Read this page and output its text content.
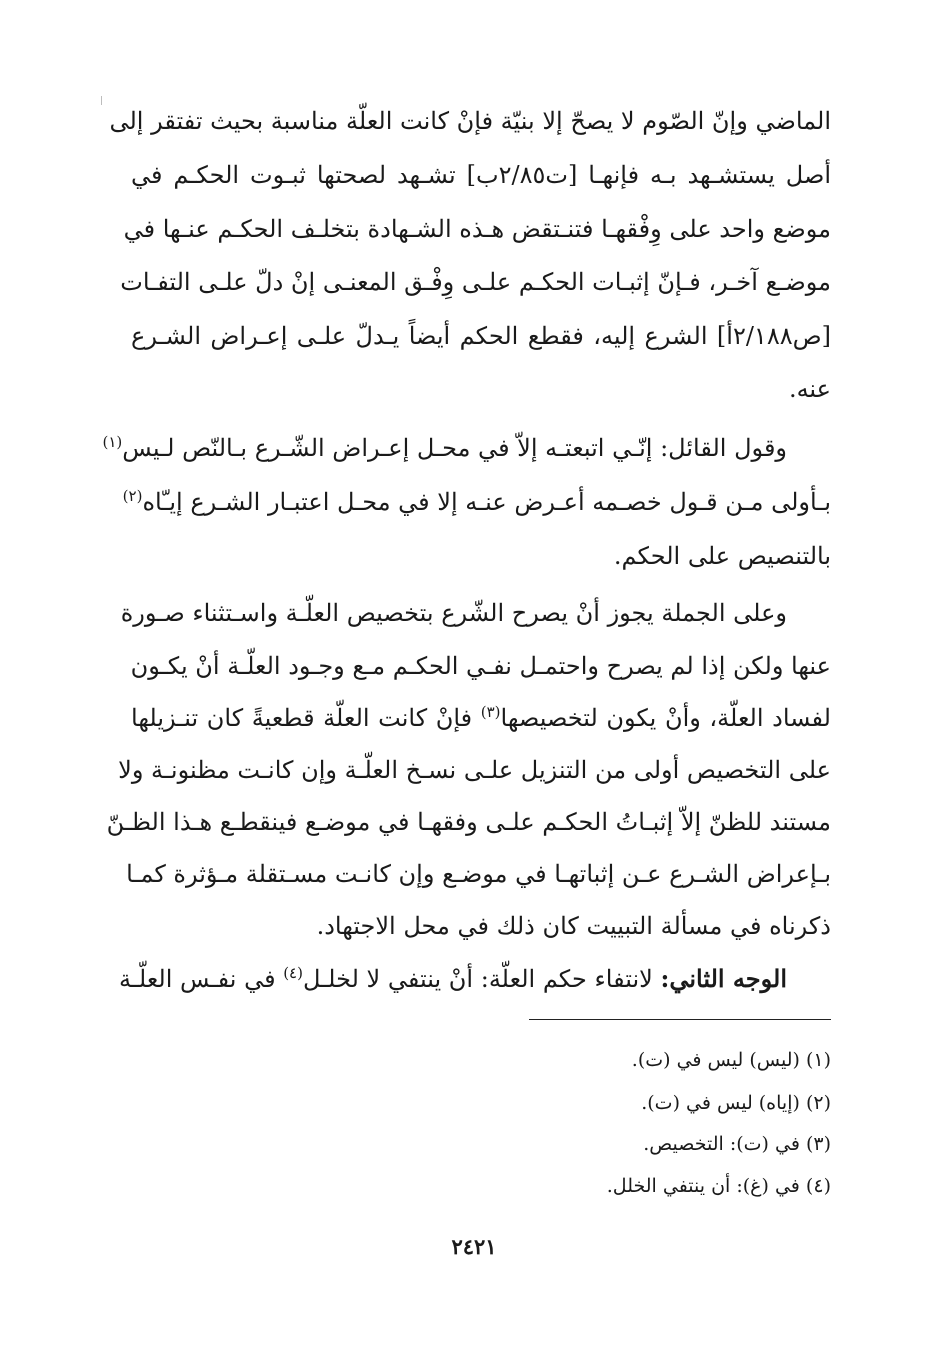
الماضي وإنّ الصّوم لا يصحّ إلا بنيّة فإنْ كانت العلّة مناسبة بحيث تفتقر إلى
أصل يستشـهد بـه فإنهـا [ت٢/٨٥ب] تشـهد لصحتها ثبـوت الحكـم في
موضع واحد على وِفْقهـا فتنـتقض هـذه الشـهادة بتخلـف الحكـم عنـها في
موضـع آخـر، فـإنّ إثبـات الحكـم علـى وِفْـق المعنـى إنْ دلّ علـى التفـات
[ص٢/١٨٨أ] الشرع إليه، فقطع الحكم أيضاً يـدلّ علـى إعـراض الشـرع
عنه.
وقول القائل: إنّـي اتبعتـه إلاّ في محـل إعـراض الشّـرع بـالنّص لـيس$^{(١)}$
بـأولى مـن قـول خصـمه أعـرض عنـه إلا في محـل اعتبـار الشـرع إيـّاه$^{(٢)}$
بالتنصيص على الحكم.
وعلى الجملة يجوز أنْ يصرح الشّرع بتخصيص العلّـة واسـتثناء صـورة
عنها ولكن إذا لم يصرح واحتمـل نفـي الحكـم مـع وجـود العلّـة أنْ يكـون
لفساد العلّة، وأنْ يكون لتخصيصها$^{(٣)}$ فإنْ كانت العلّة قطعيةً كان تنـزيلها
على التخصيص أولى من التنزيل علـى نسـخ العلّـة وإن كانـت مظنونـة ولا
مستند للظنّ إلاّ إثبـاتُ الحكـم علـى وفقهـا في موضـع فينقطـع هـذا الظـنّ
بـإعراض الشـرع عـن إثباتهـا في موضـع وإن كانـت مسـتقلة مـؤثرة كمـا
ذكرناه في مسألة التبييت كان ذلك في محل الاجتهاد.
الوجه الثاني: لانتفاء حكم العلّة: أنْ ينتفي لا لخلـل$^{(٤)}$ في نفـس العلّـة
(١) (ليس) ليس في (ت).
(٢) (إياه) ليس في (ت).
(٣) في (ت): التخصيص.
(٤) في (غ): أن ينتفي الخلل.
٢٤٢١
